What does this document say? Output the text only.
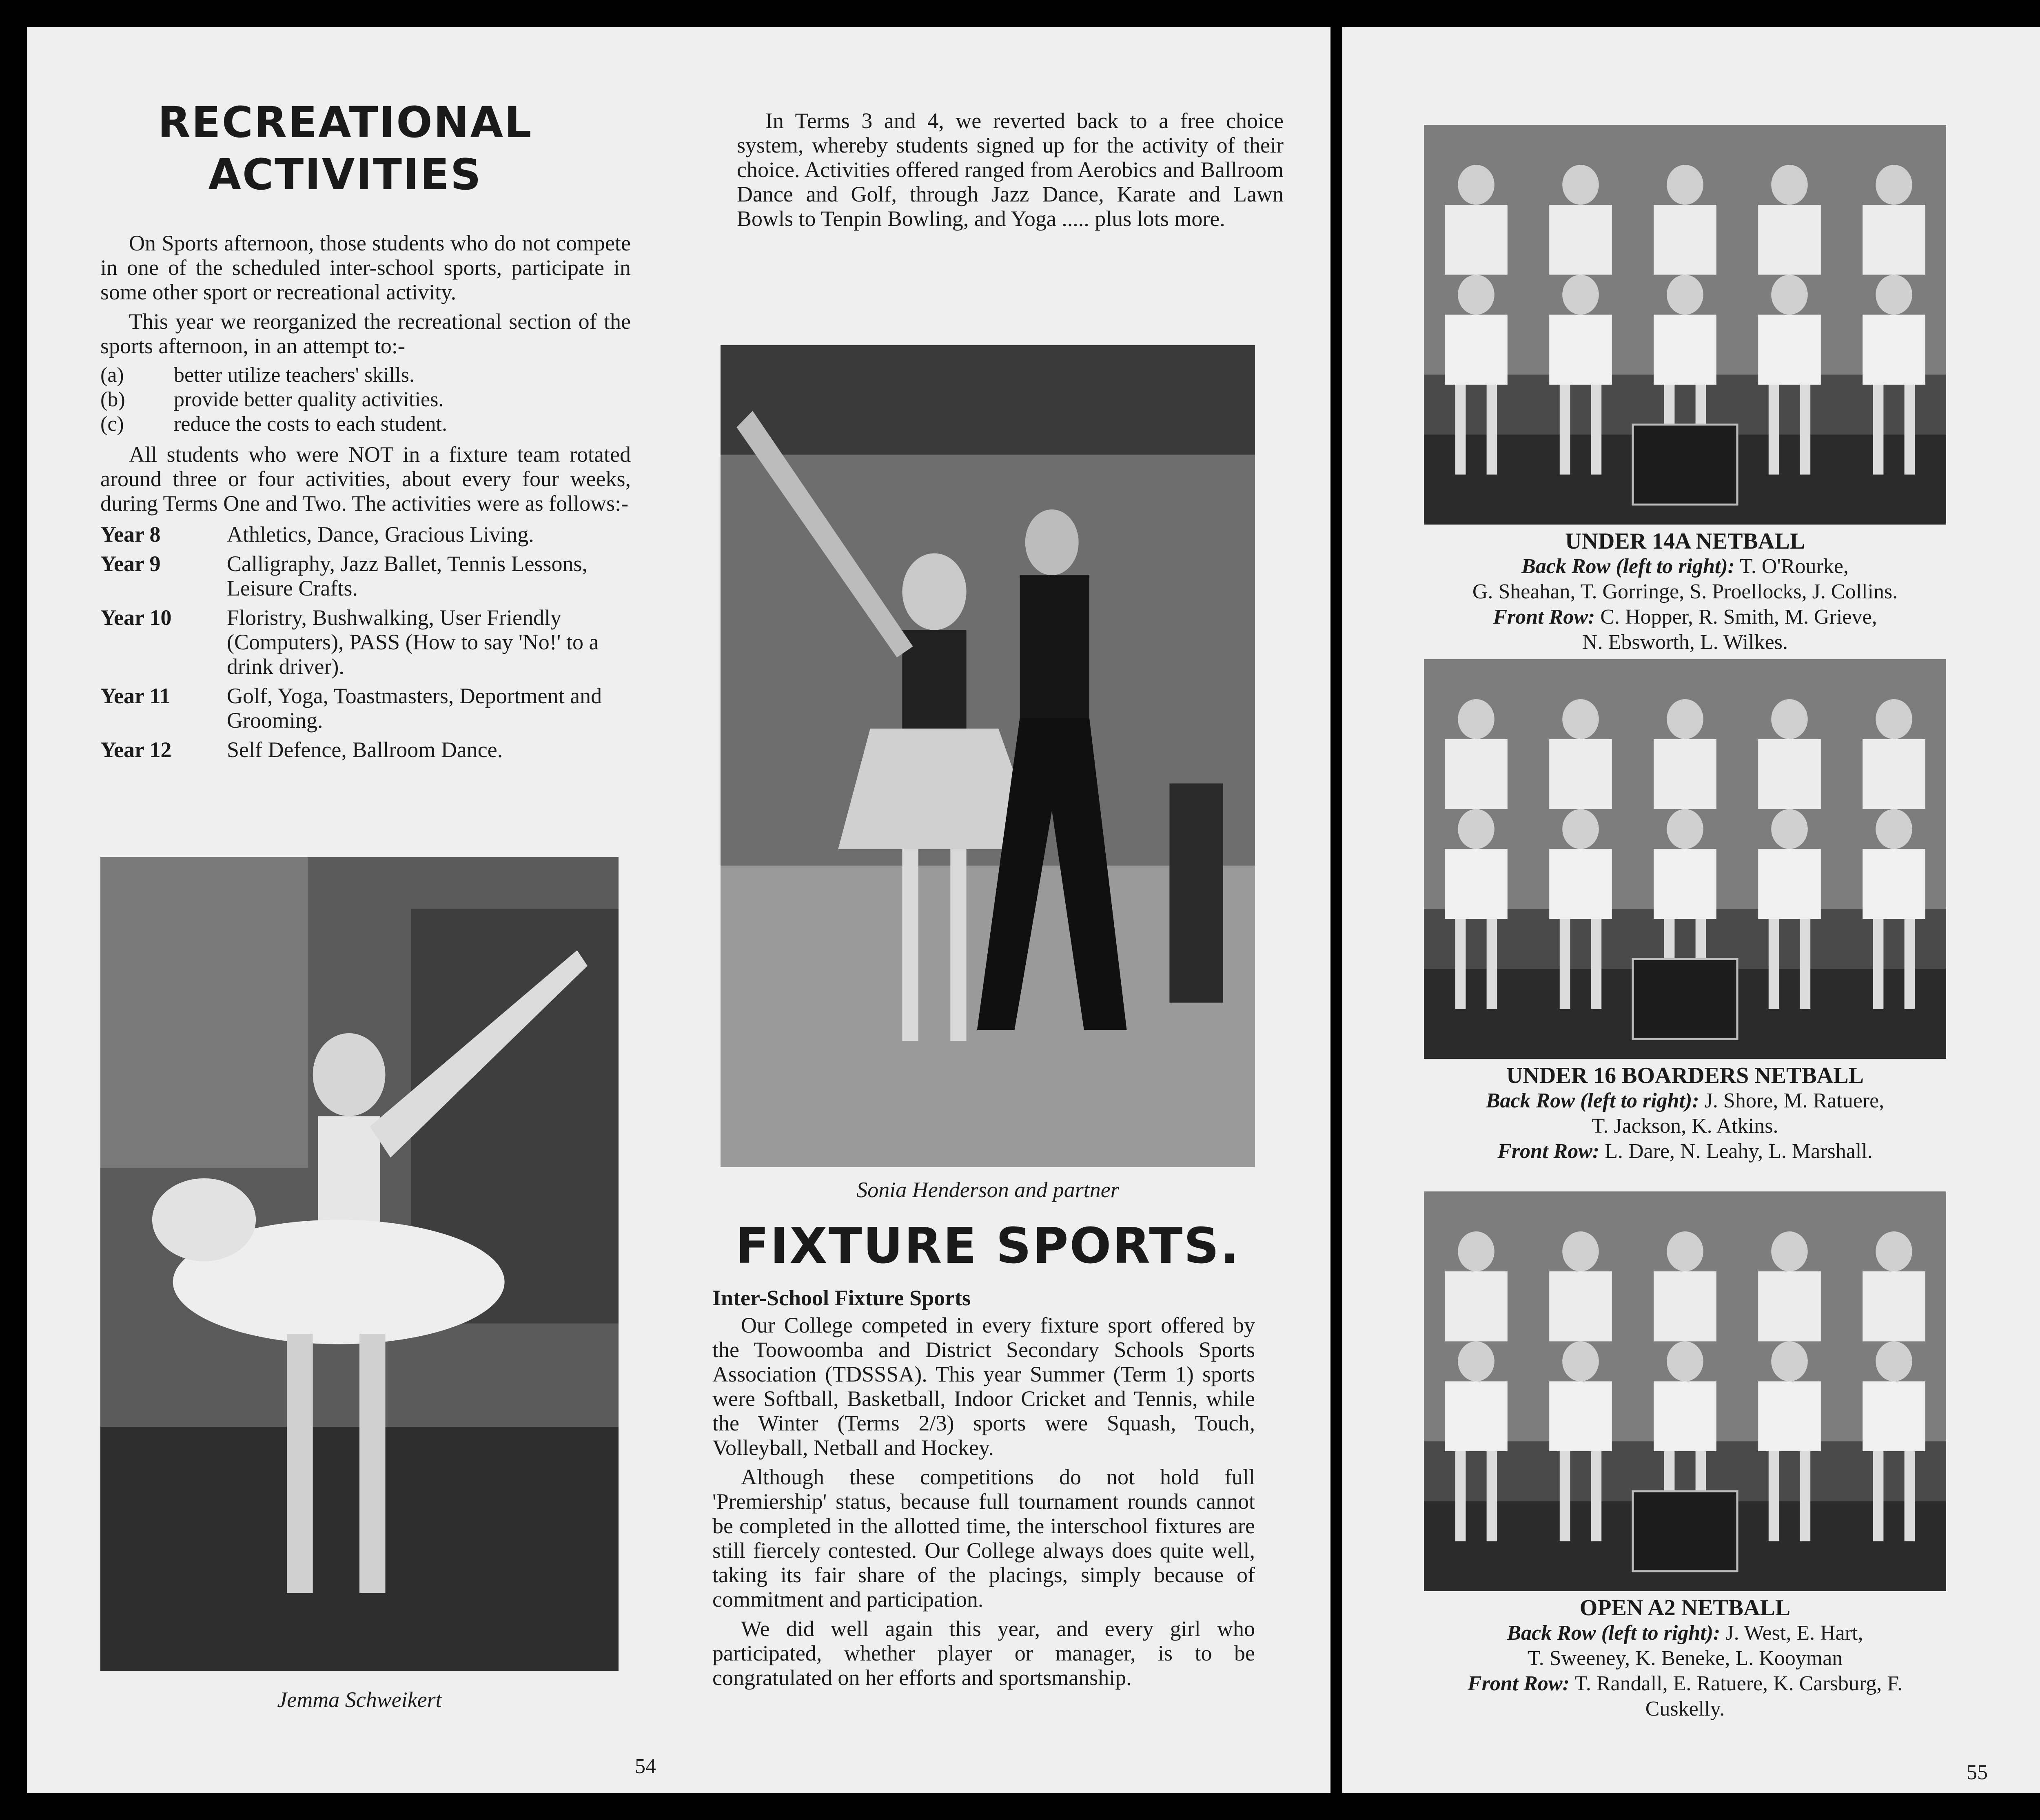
RECREATIONAL
ACTIVITIES

On Sports afternoon, those students who do not compete in one of the scheduled inter-school sports, participate in some other sport or recreational activity.

This year we reorganized the recreational section of the sports afternoon, in an attempt to:-

(a)	better utilize teachers' skills.
(b)	provide better quality activities.
(c)	reduce the costs to each student.

All students who were NOT in a fixture team rotated around three or four activities, about every four weeks, during Terms One and Two. The activities were as follows:-

Year 8	Athletics, Dance, Gracious Living.
Year 9	Calligraphy, Jazz Ballet, Tennis Lessons, Leisure Crafts.
Year 10	Floristry, Bushwalking, User Friendly (Computers), PASS (How to say 'No!' to a drink driver).
Year 11	Golf, Yoga, Toastmasters, Deportment and Grooming.
Year 12	Self Defence, Ballroom Dance.

In Terms 3 and 4, we reverted back to a free choice system, whereby students signed up for the activity of their choice. Activities offered ranged from Aerobics and Ballroom Dance and Golf, through Jazz Dance, Karate and Lawn Bowls to Tenpin Bowling, and Yoga ..... plus lots more.

Sonia Henderson and partner
Jemma Schweikert
FIXTURE SPORTS.
Inter-School Fixture Sports

Our College competed in every fixture sport offered by the Toowoomba and District Secondary Schools Sports Association (TDSSSA). This year Summer (Term 1) sports were Softball, Basketball, Indoor Cricket and Tennis, while the Winter (Terms 2/3) sports were Squash, Touch, Volleyball, Netball and Hockey.

Although these competitions do not hold full 'Premiership' status, because full tournament rounds cannot be completed in the allotted time, the interschool fixtures are still fiercely contested. Our College always does quite well, taking its fair share of the placings, simply because of commitment and participation.

We did well again this year, and every girl who participated, whether player or manager, is to be congratulated on her efforts and sportsmanship.

54
UNDER 14A NETBALL
Back Row (left to right): T. O'Rourke,
G. Sheahan, T. Gorringe, S. Proellocks, J. Collins.
Front Row: C. Hopper, R. Smith, M. Grieve,
N. Ebsworth, L. Wilkes.
UNDER 16 BOARDERS NETBALL
Back Row (left to right): J. Shore, M. Ratuere,
T. Jackson, K. Atkins.
Front Row: L. Dare, N. Leahy, L. Marshall.
OPEN A2 NETBALL
Back Row (left to right): J. West, E. Hart,
T. Sweeney, K. Beneke, L. Kooyman
Front Row: T. Randall, E. Ratuere, K. Carsburg, F.
Cuskelly.
55
